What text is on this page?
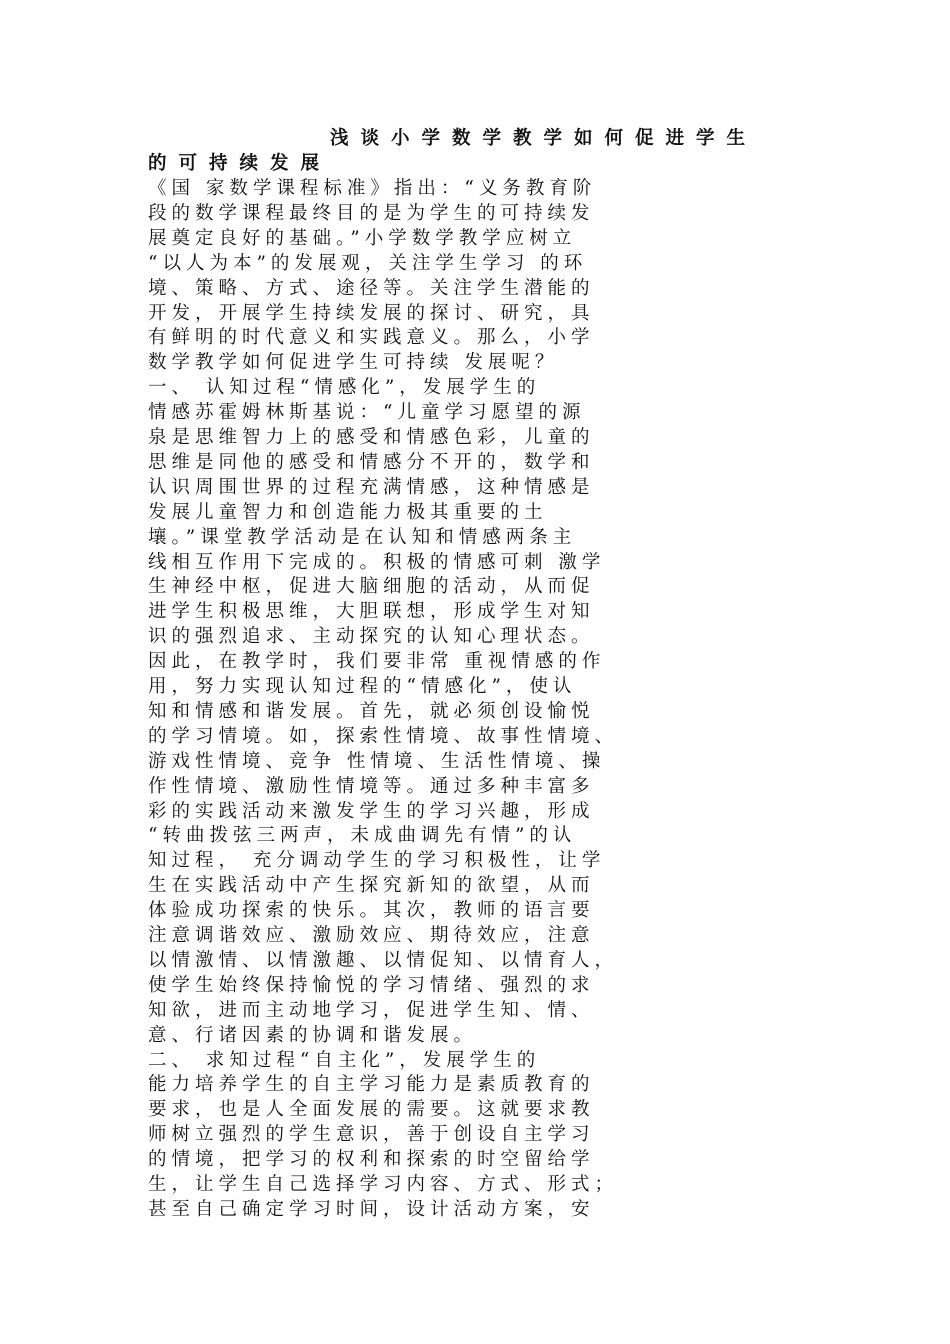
浅谈小学数学教学如何促进学生
的可持续发展
《国 家数学课程标准》指出：“义务教育阶
段的数学课程最终目的是为学生的可持续发
展奠定良好的基础。”小学数学教学应树立
“以人为本”的发展观，关注学生学习 的环
境、策略、方式、途径等。关注学生潜能的
开发，开展学生持续发展的探讨、研究，具
有鲜明的时代意义和实践意义。那么，小学
数学教学如何促进学生可持续 发展呢？
一、 认知过程“情感化”，发展学生的
情感苏霍姆林斯基说：“儿童学习愿望的源
泉是思维智力上的感受和情感色彩，儿童的
思维是同他的感受和情感分不开的，数学和
认识周围世界的过程充满情感，这种情感是
发展儿童智力和创造能力极其重要的土
壤。”课堂教学活动是在认知和情感两条主
线相互作用下完成的。积极的情感可刺 激学
生神经中枢，促进大脑细胞的活动，从而促
进学生积极思维，大胆联想，形成学生对知
识的强烈追求、主动探究的认知心理状态。
因此，在教学时，我们要非常 重视情感的作
用，努力实现认知过程的“情感化”，使认
知和情感和谐发展。首先，就必须创设愉悦
的学习情境。如，探索性情境、故事性情境、
游戏性情境、竞争 性情境、生活性情境、操
作性情境、激励性情境等。通过多种丰富多
彩的实践活动来激发学生的学习兴趣，形成
“转曲拨弦三两声，未成曲调先有情”的认
知过程， 充分调动学生的学习积极性，让学
生在实践活动中产生探究新知的欲望，从而
体验成功探索的快乐。其次，教师的语言要
注意调谐效应、激励效应、期待效应，注意
以情激情、以情激趣、以情促知、以情育人，
使学生始终保持愉悦的学习情绪、强烈的求
知欲，进而主动地学习，促进学生知、情、
意、行诸因素的协调和谐发展。
二、 求知过程“自主化”，发展学生的
能力培养学生的自主学习能力是素质教育的
要求，也是人全面发展的需要。这就要求教
师树立强烈的学生意识，善于创设自主学习
的情境，把学习的权利和探索的时空留给学
生，让学生自己选择学习内容、方式、形式；
甚至自己确定学习时间，设计活动方案，安
